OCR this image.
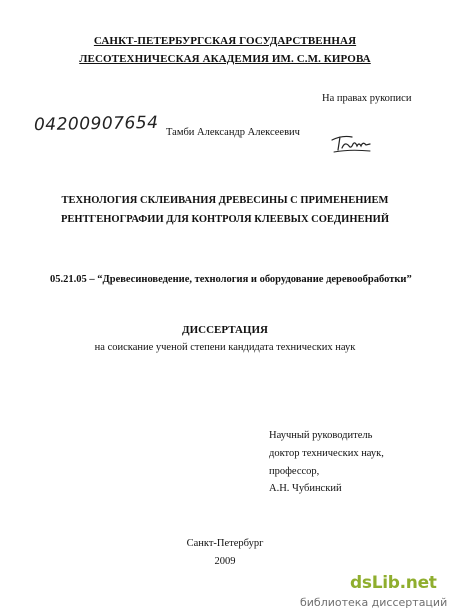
САНКТ-ПЕТЕРБУРГСКАЯ ГОСУДАРСТВЕННАЯ
ЛЕСОТЕХНИЧЕСКАЯ АКАДЕМИЯ ИМ. С.М. КИРОВА
На правах рукописи
04200907654 Тамби Александр Алексеевич
ТЕХНОЛОГИЯ СКЛЕИВАНИЯ ДРЕВЕСИНЫ С ПРИМЕНЕНИЕМ
РЕНТГЕНОГРАФИИ ДЛЯ КОНТРОЛЯ КЛЕЕВЫХ СОЕДИНЕНИЙ
05.21.05 – “Древесиноведение, технология и оборудование деревообработки”
ДИССЕРТАЦИЯ
на соискание ученой степени кандидата технических наук
Научный руководитель
доктор технических наук,
профессор,
А.Н. Чубинский
Санкт-Петербург
2009
dsLib.net
библиотека диссертаций
